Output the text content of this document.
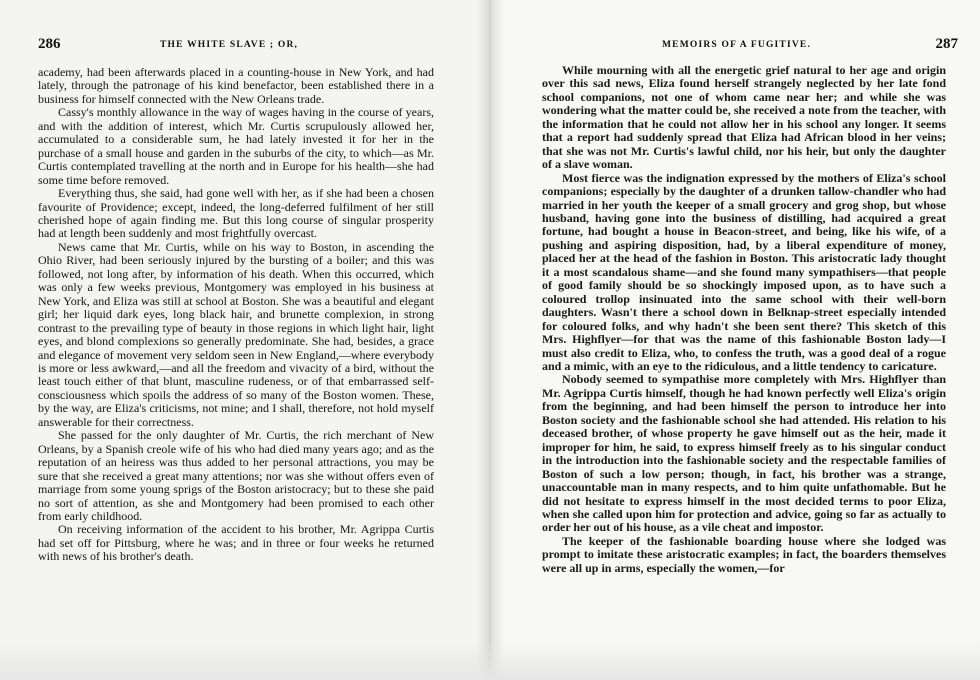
286	THE WHITE SLAVE ; OR,

academy, had been afterwards placed in a counting-house in New York, and had lately, through the patronage of his kind benefactor, been established there in a business for himself connected with the New Orleans trade.

Cassy's monthly allowance in the way of wages having in the course of years, and with the addition of interest, which Mr. Curtis scrupulously allowed her, accumulated to a considerable sum, he had lately invested it for her in the purchase of a small house and garden in the suburbs of the city, to which—as Mr. Curtis contemplated travelling at the north and in Europe for his health—she had some time before removed.

Everything thus, she said, had gone well with her, as if she had been a chosen favourite of Providence; except, indeed, the long-deferred fulfilment of her still cherished hope of again finding me. But this long course of singular prosperity had at length been suddenly and most frightfully overcast.

News came that Mr. Curtis, while on his way to Boston, in ascending the Ohio River, had been seriously injured by the bursting of a boiler; and this was followed, not long after, by information of his death. When this occurred, which was only a few weeks previous, Montgomery was employed in his business at New York, and Eliza was still at school at Boston. She was a beautiful and elegant girl; her liquid dark eyes, long black hair, and brunette complexion, in strong contrast to the prevailing type of beauty in those regions in which light hair, light eyes, and blond complexions so generally predominate. She had, besides, a grace and elegance of movement very seldom seen in New England,—where everybody is more or less awkward,—and all the freedom and vivacity of a bird, without the least touch either of that blunt, masculine rudeness, or of that embarrassed self-consciousness which spoils the address of so many of the Boston women. These, by the way, are Eliza's criticisms, not mine; and I shall, therefore, not hold myself answerable for their correctness.

She passed for the only daughter of Mr. Curtis, the rich merchant of New Orleans, by a Spanish creole wife of his who had died many years ago; and as the reputation of an heiress was thus added to her personal attractions, you may be sure that she received a great many attentions; nor was she without offers even of marriage from some young sprigs of the Boston aristocracy; but to these she paid no sort of attention, as she and Montgomery had been promised to each other from early childhood.

On receiving information of the accident to his brother, Mr. Agrippa Curtis had set off for Pittsburg, where he was; and in three or four weeks he returned with news of his brother's death.

MEMOIRS OF A FUGITIVE.	287

While mourning with all the energetic grief natural to her age and origin over this sad news, Eliza found herself strangely neglected by her late fond school companions, not one of whom came near her; and while she was wondering what the matter could be, she received a note from the teacher, with the information that he could not allow her in his school any longer. It seems that a report had suddenly spread that Eliza had African blood in her veins; that she was not Mr. Curtis's lawful child, nor his heir, but only the daughter of a slave woman.

Most fierce was the indignation expressed by the mothers of Eliza's school companions; especially by the daughter of a drunken tallow-chandler who had married in her youth the keeper of a small grocery and grog shop, but whose husband, having gone into the business of distilling, had acquired a great fortune, had bought a house in Beacon-street, and being, like his wife, of a pushing and aspiring disposition, had, by a liberal expenditure of money, placed her at the head of the fashion in Boston. This aristocratic lady thought it a most scandalous shame—and she found many sympathisers—that people of good family should be so shockingly imposed upon, as to have such a coloured trollop insinuated into the same school with their well-born daughters. Wasn't there a school down in Belknap-street especially intended for coloured folks, and why hadn't she been sent there? This sketch of this Mrs. Highflyer—for that was the name of this fashionable Boston lady—I must also credit to Eliza, who, to confess the truth, was a good deal of a rogue and a mimic, with an eye to the ridiculous, and a little tendency to caricature.

Nobody seemed to sympathise more completely with Mrs. Highflyer than Mr. Agrippa Curtis himself, though he had known perfectly well Eliza's origin from the beginning, and had been himself the person to introduce her into Boston society and the fashionable school she had attended. His relation to his deceased brother, of whose property he gave himself out as the heir, made it improper for him, he said, to express himself freely as to his singular conduct in the introduction into the fashionable society and the respectable families of Boston of such a low person; though, in fact, his brother was a strange, unaccountable man in many respects, and to him quite unfathomable. But he did not hesitate to express himself in the most decided terms to poor Eliza, when she called upon him for protection and advice, going so far as actually to order her out of his house, as a vile cheat and impostor.

The keeper of the fashionable boarding house where she lodged was prompt to imitate these aristocratic examples; in fact, the boarders themselves were all up in arms, especially the women,—for
